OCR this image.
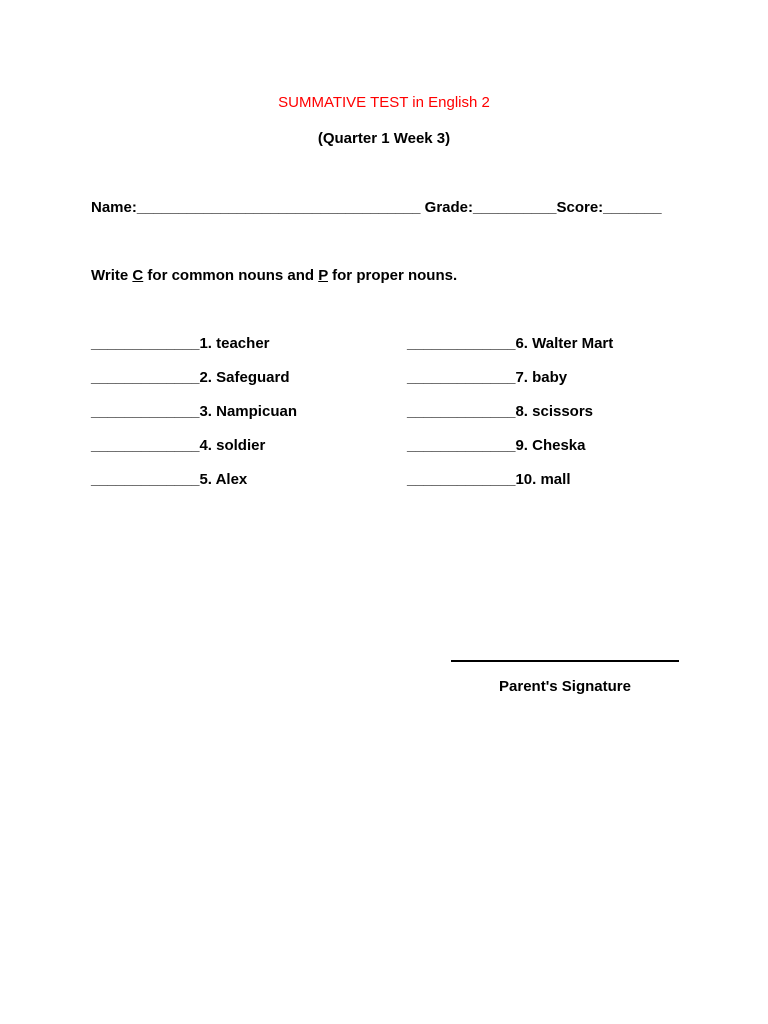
SUMMATIVE TEST in English 2
(Quarter 1 Week 3)
Name:__________________________________ Grade:__________Score:_______
Write C for common nouns and P for proper nouns.
_____________1. teacher
_____________2. Safeguard
_____________3. Nampicuan
_____________4. soldier
_____________5. Alex
_____________6. Walter Mart
_____________7. baby
_____________8. scissors
_____________9. Cheska
_____________10. mall
Parent's Signature
